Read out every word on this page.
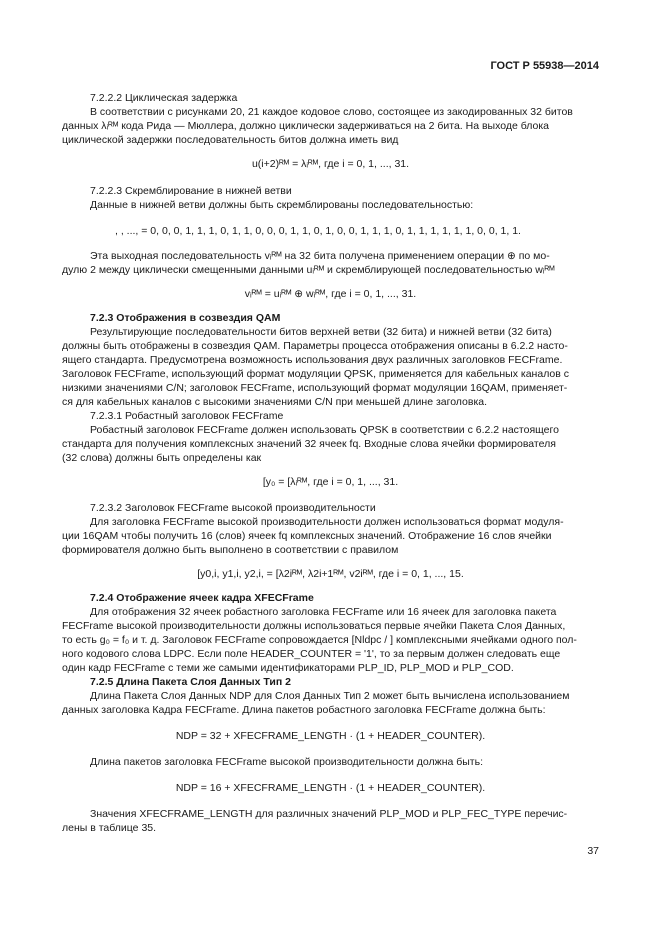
ГОСТ Р 55938—2014
7.2.2.2 Циклическая задержка
В соответствии с рисунками 20, 21 каждое кодовое слово, состоящее из закодированных 32 битов
данных λᵢᴿᴹ кода Рида — Мюллера, должно циклически задерживаться на 2 бита. На выходе блока
циклической задержки последовательность битов должна иметь вид
u(i+2)ᴿᴹ = λᵢᴿᴹ, где i = 0, 1, ..., 31.
7.2.2.3 Скремблирование в нижней ветви
Данные в нижней ветви должны быть скремблированы последовательностью:
, , ..., = 0, 0, 0, 1, 1, 1, 0, 1, 1, 0, 0, 0, 1, 1, 0, 1, 0, 0, 1, 1, 1, 0, 1, 1, 1, 1, 1, 1, 0, 0, 1, 1.
Эта выходная последовательность vᵢᴿᴹ на 32 бита получена применением операции ⊕ по мо-
дулю 2 между циклически смещенными данными uᵢᴿᴹ и скремблирующей последовательностью wᵢᴿᴹ
vᵢᴿᴹ = uᵢᴿᴹ ⊕ wᵢᴿᴹ, где i = 0, 1, ..., 31.
7.2.3 Отображения в созвездия QAM
Результирующие последовательности битов верхней ветви (32 бита) и нижней ветви (32 бита)
должны быть отображены в созвездия QAM. Параметры процесса отображения описаны в 6.2.2 насто-
ящего стандарта. Предусмотрена возможность использования двух различных заголовков FECFrame.
Заголовок FECFrame, использующий формат модуляции QPSK, применяется для кабельных каналов с
низкими значениями C/N; заголовок FECFrame, использующий формат модуляции 16QAM, применяет-
ся для кабельных каналов с высокими значениями C/N при меньшей длине заголовка.
7.2.3.1 Робастный заголовок FECFrame
Робастный заголовок FECFrame должен использовать QPSK в соответствии с 6.2.2 настоящего
стандарта для получения комплексных значений 32 ячеек fq. Входные слова ячейки формирователя
(32 слова) должны быть определены как
[y₀ = [λᵢᴿᴹ, где i = 0, 1, ..., 31.
7.2.3.2 Заголовок FECFrame высокой производительности
Для заголовка FECFrame высокой производительности должен использоваться формат модуля-
ции 16QAM чтобы получить 16 (слов) ячеек fq комплексных значений. Отображение 16 слов ячейки
формирователя должно быть выполнено в соответствии с правилом
[y0,i, y1,i, y2,i, = [λ2iᴿᴹ, λ2i+1ᴿᴹ, v2iᴿᴹ, где i = 0, 1, ..., 15.
7.2.4 Отображение ячеек кадра XFECFrame
Для отображения 32 ячеек робастного заголовка FECFrame или 16 ячеек для заголовка пакета
FECFrame высокой производительности должны использоваться первые ячейки Пакета Слоя Данных,
то есть g₀ = f₀ и т. д. Заголовок FECFrame сопровождается [Nldpc / ] комплексными ячейками одного пол-
ного кодового слова LDPC. Если поле HEADER_COUNTER = '1', то за первым должен следовать еще
один кадр FECFrame с теми же самыми идентификаторами PLP_ID, PLP_MOD и PLP_COD.
7.2.5 Длина Пакета Слоя Данных Тип 2
Длина Пакета Слоя Данных NDP для Слоя Данных Тип 2 может быть вычислена использованием
данных заголовка Кадра FECFrame. Длина пакетов робастного заголовка FECFrame должна быть:
NDP = 32 + XFECFRAME_LENGTH · (1 + HEADER_COUNTER).
Длина пакетов заголовка FECFrame высокой производительности должна быть:
NDP = 16 + XFECFRAME_LENGTH · (1 + HEADER_COUNTER).
Значения XFECFRAME_LENGTH для различных значений PLP_MOD и PLP_FEC_TYPE перечис-
лены в таблице 35.
37
